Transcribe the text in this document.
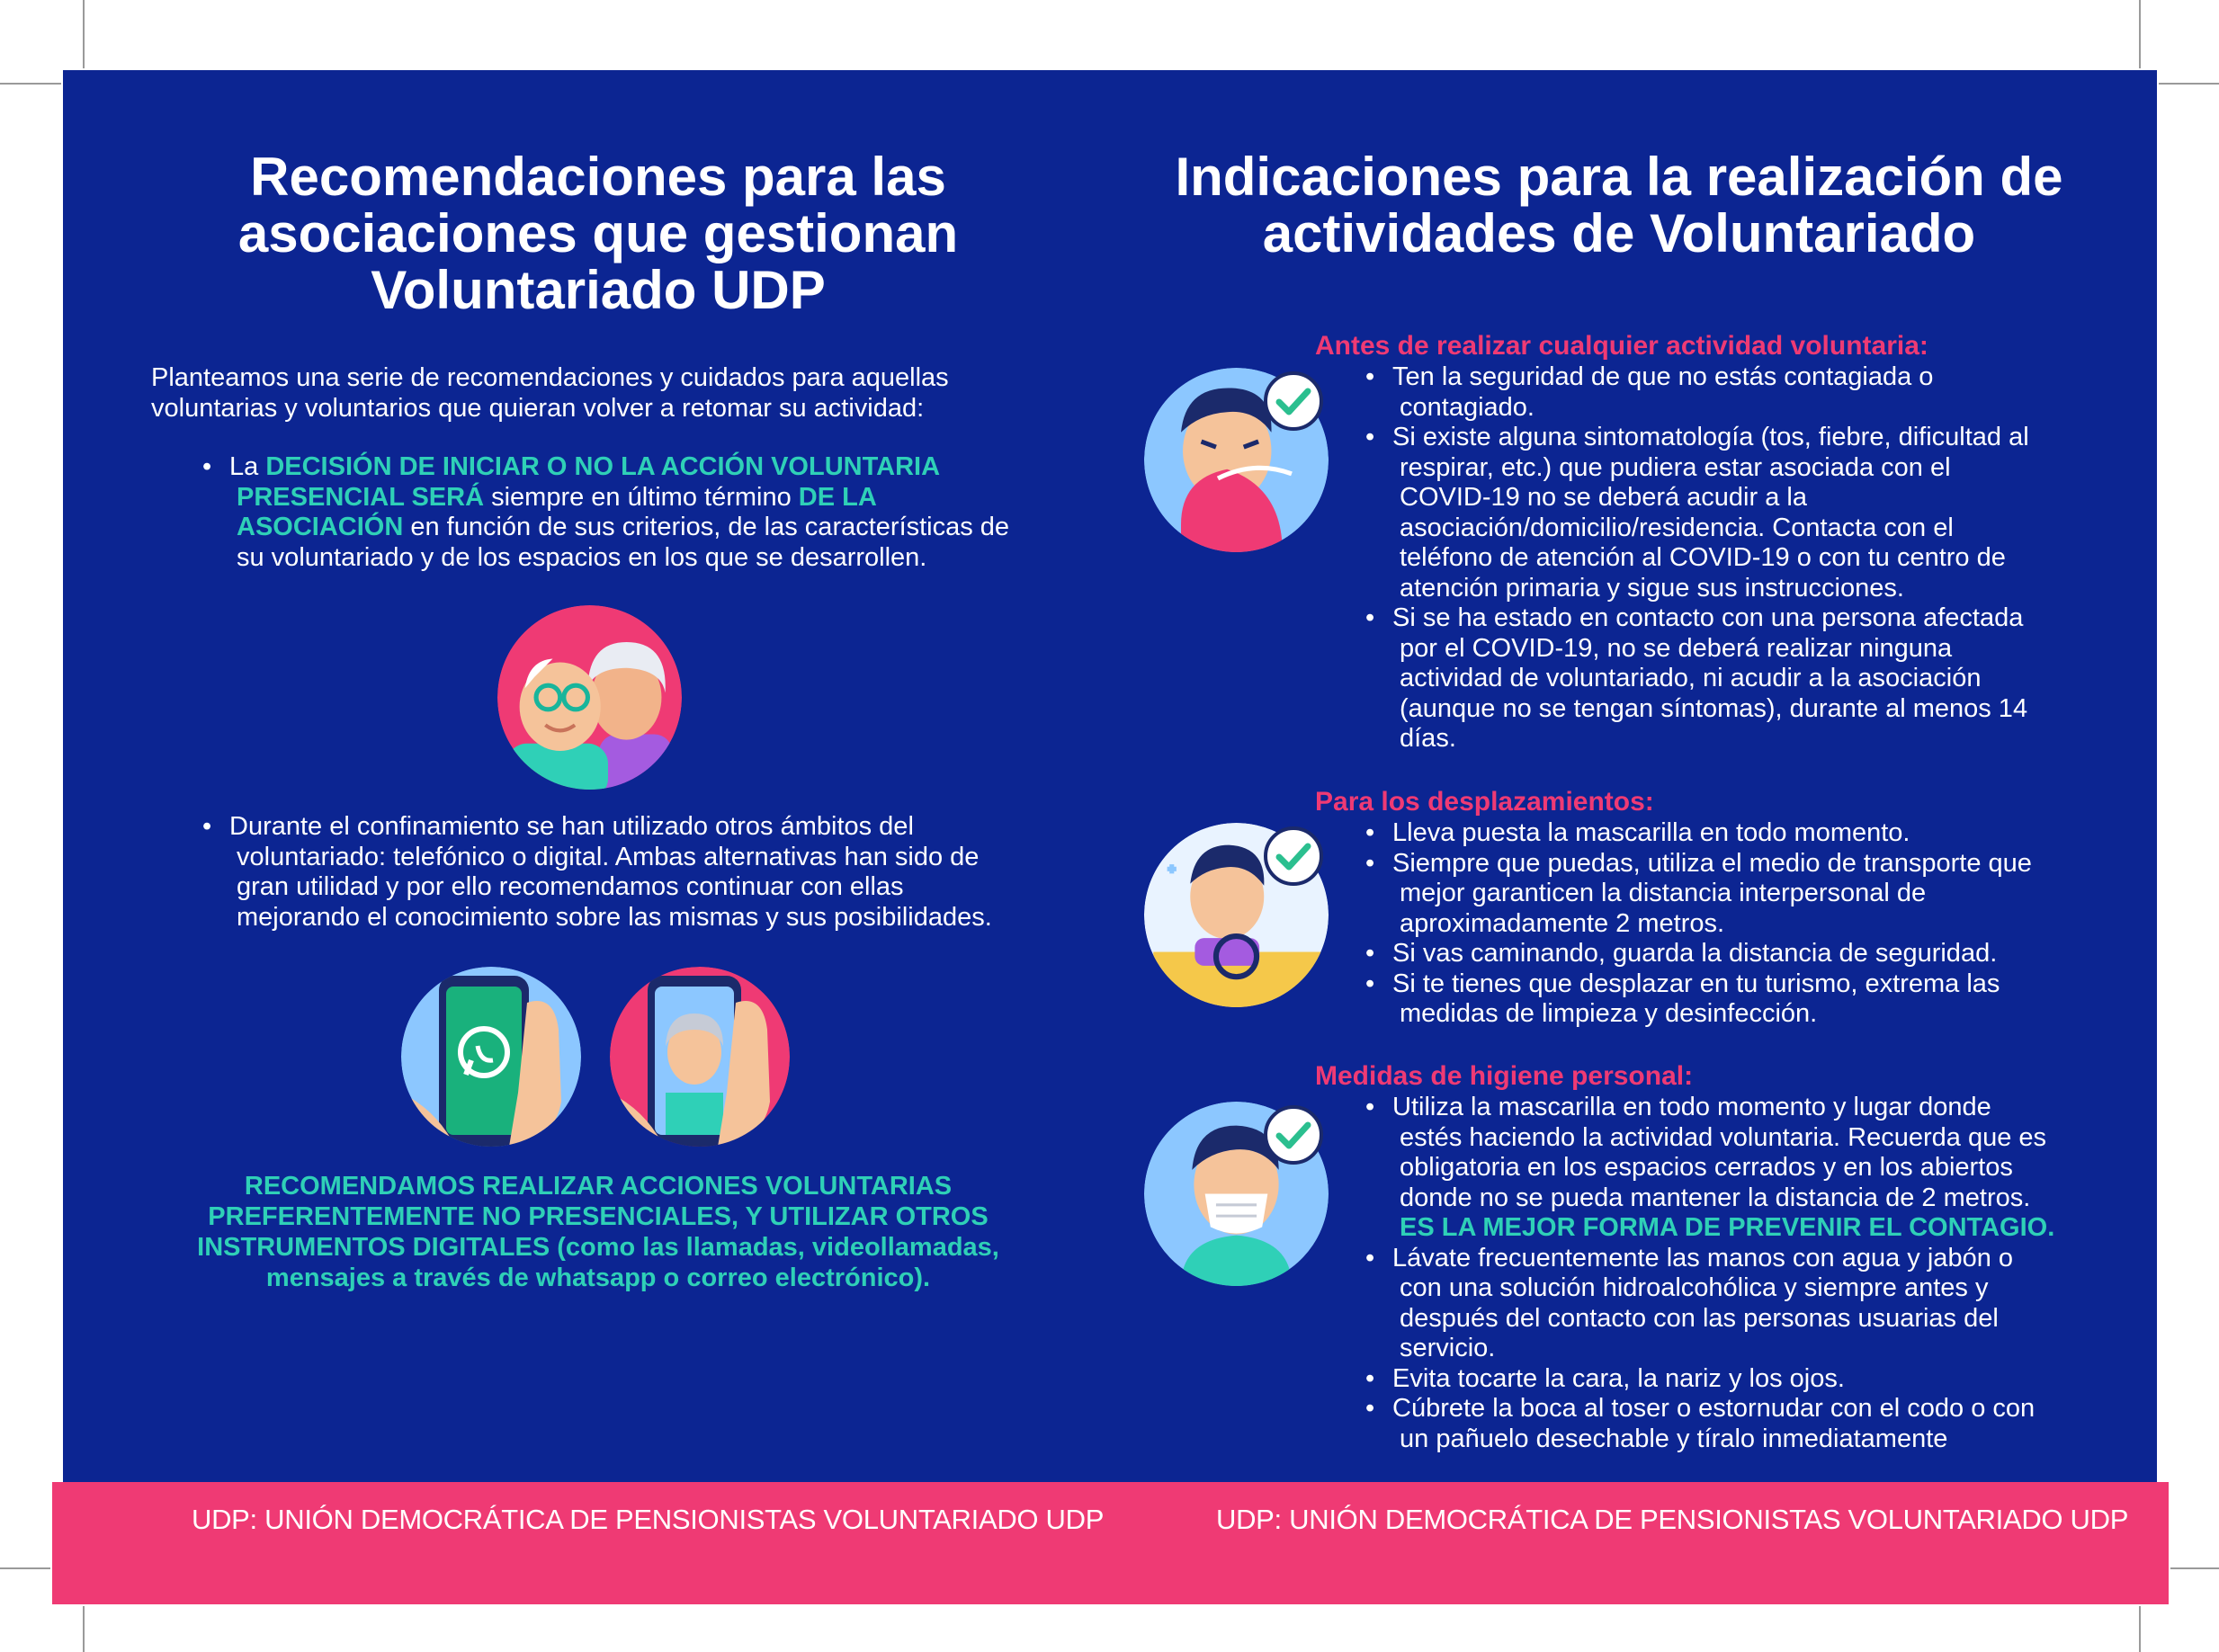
Recomendaciones para las
asociaciones que gestionan
Voluntariado UDP

Planteamos una serie de recomendaciones y cuidados para aquellas
voluntarias y voluntarios que quieran volver a retomar su actividad:

• La DECISIÓN DE INICIAR O NO LA ACCIÓN VOLUNTARIA
PRESENCIAL SERÁ siempre en último término DE LA
ASOCIACIÓN en función de sus criterios, de las características de
su voluntariado y de los espacios en los que se desarrollen.
• Durante el confinamiento se han utilizado otros ámbitos del
voluntariado: telefónico o digital. Ambas alternativas han sido de
gran utilidad y por ello recomendamos continuar con ellas
mejorando el conocimiento sobre las mismas y sus posibilidades.
RECOMENDAMOS REALIZAR ACCIONES VOLUNTARIAS
PREFERENTEMENTE NO PRESENCIALES, Y UTILIZAR OTROS
INSTRUMENTOS DIGITALES (como las llamadas, videollamadas,
mensajes a través de whatsapp o correo electrónico).
Indicaciones para la realización de
actividades de Voluntariado
Antes de realizar cualquier actividad voluntaria:
• Ten la seguridad de que no estás contagiada o
contagiado.
• Si existe alguna sintomatología (tos, fiebre, dificultad al
respirar, etc.) que pudiera estar asociada con el
COVID-19 no se deberá acudir a la
asociación/domicilio/residencia. Contacta con el
teléfono de atención al COVID-19 o con tu centro de
atención primaria y sigue sus instrucciones.
• Si se ha estado en contacto con una persona afectada
por el COVID-19, no se deberá realizar ninguna
actividad de voluntariado, ni acudir a la asociación
(aunque no se tengan síntomas), durante al menos 14
días.
Para los desplazamientos:
• Lleva puesta la mascarilla en todo momento.
• Siempre que puedas, utiliza el medio de transporte que
mejor garanticen la distancia interpersonal de
aproximadamente 2 metros.
• Si vas caminando, guarda la distancia de seguridad.
• Si te tienes que desplazar en tu turismo, extrema las
medidas de limpieza y desinfección.
Medidas de higiene personal:
• Utiliza la mascarilla en todo momento y lugar donde
estés haciendo la actividad voluntaria. Recuerda que es
obligatoria en los espacios cerrados y en los abiertos
donde no se pueda mantener la distancia de 2 metros.
ES LA MEJOR FORMA DE PREVENIR EL CONTAGIO.
• Lávate frecuentemente las manos con agua y jabón o
con una solución hidroalcohólica y siempre antes y
después del contacto con las personas usuarias del
servicio.
• Evita tocarte la cara, la nariz y los ojos.
• Cúbrete la boca al toser o estornudar con el codo o con
un pañuelo desechable y tíralo inmediatamente
UDP: UNIÓN DEMOCRÁTICA DE PENSIONISTAS VOLUNTARIADO UDP	UDP: UNIÓN DEMOCRÁTICA DE PENSIONISTAS VOLUNTARIADO UDP
